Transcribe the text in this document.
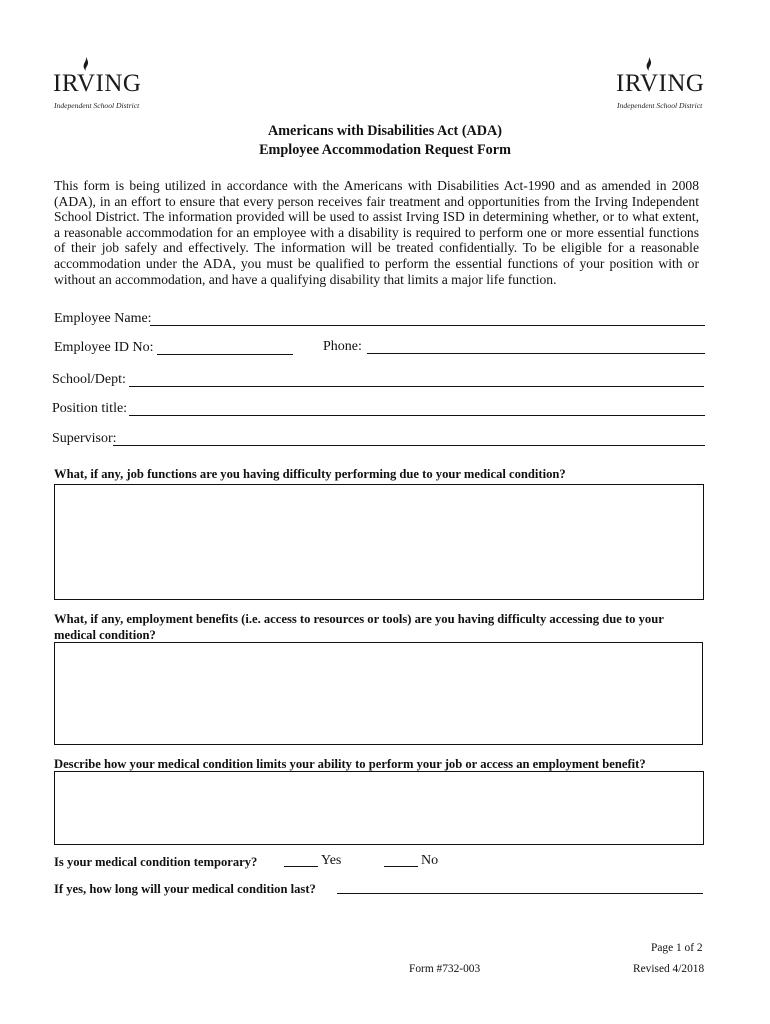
IRVING
Independent School District
IRVING
Independent School District
Americans with Disabilities Act (ADA)
Employee Accommodation Request Form
This form is being utilized in accordance with the Americans with Disabilities Act-1990 and as amended in 2008 (ADA), in an effort to ensure that every person receives fair treatment and opportunities from the Irving Independent School District. The information provided will be used to assist Irving ISD in determining whether, or to what extent, a reasonable accommodation for an employee with a disability is required to perform one or more essential functions of their job safely and effectively. The information will be treated confidentially. To be eligible for a reasonable accommodation under the ADA, you must be qualified to perform the essential functions of your position with or without an accommodation, and have a qualifying disability that limits a major life function.
Employee Name:
Employee ID No:	Phone:
School/Dept:
Position title:
Supervisor:
What, if any, job functions are you having difficulty performing due to your medical condition?
What, if any, employment benefits (i.e. access to resources or tools) are you having difficulty accessing due to your medical condition?
Describe how your medical condition limits your ability to perform your job or access an employment benefit?
Is your medical condition temporary?	Yes	No
If yes, how long will your medical condition last?
Page 1 of 2
Form #732-003	Revised 4/2018
